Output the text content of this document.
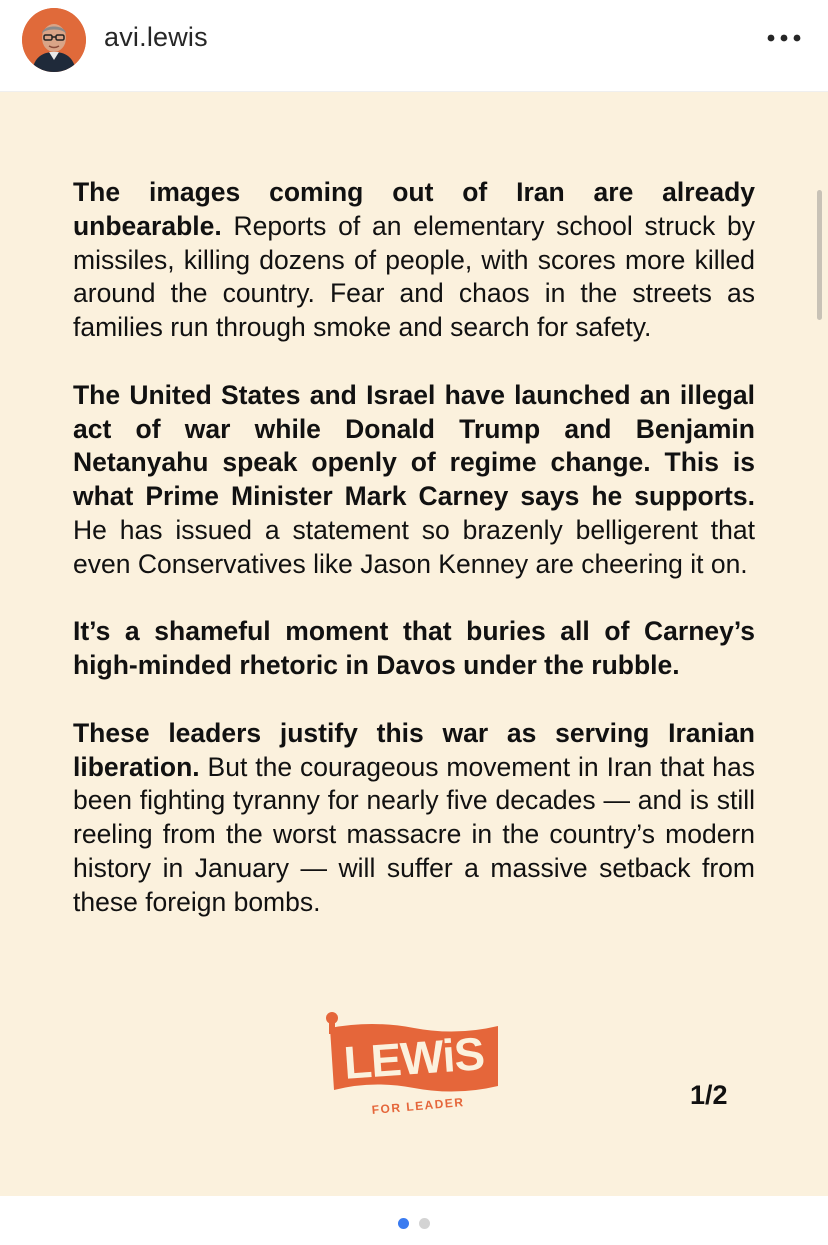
avi.lewis

The images coming out of Iran are already unbearable. Reports of an elementary school struck by missiles, killing dozens of people, with scores more killed around the country. Fear and chaos in the streets as families run through smoke and search for safety.

The United States and Israel have launched an illegal act of war while Donald Trump and Benjamin Netanyahu speak openly of regime change. This is what Prime Minister Mark Carney says he supports. He has issued a statement so brazenly belligerent that even Conservatives like Jason Kenney are cheering it on.

It’s a shameful moment that buries all of Carney’s high-minded rhetoric in Davos under the rubble.

These leaders justify this war as serving Iranian liberation. But the courageous movement in Iran that has been fighting tyranny for nearly five decades — and is still reeling from the worst massacre in the country’s modern history in January — will suffer a massive setback from these foreign bombs.

LEWiS
FOR LEADER	1/2
